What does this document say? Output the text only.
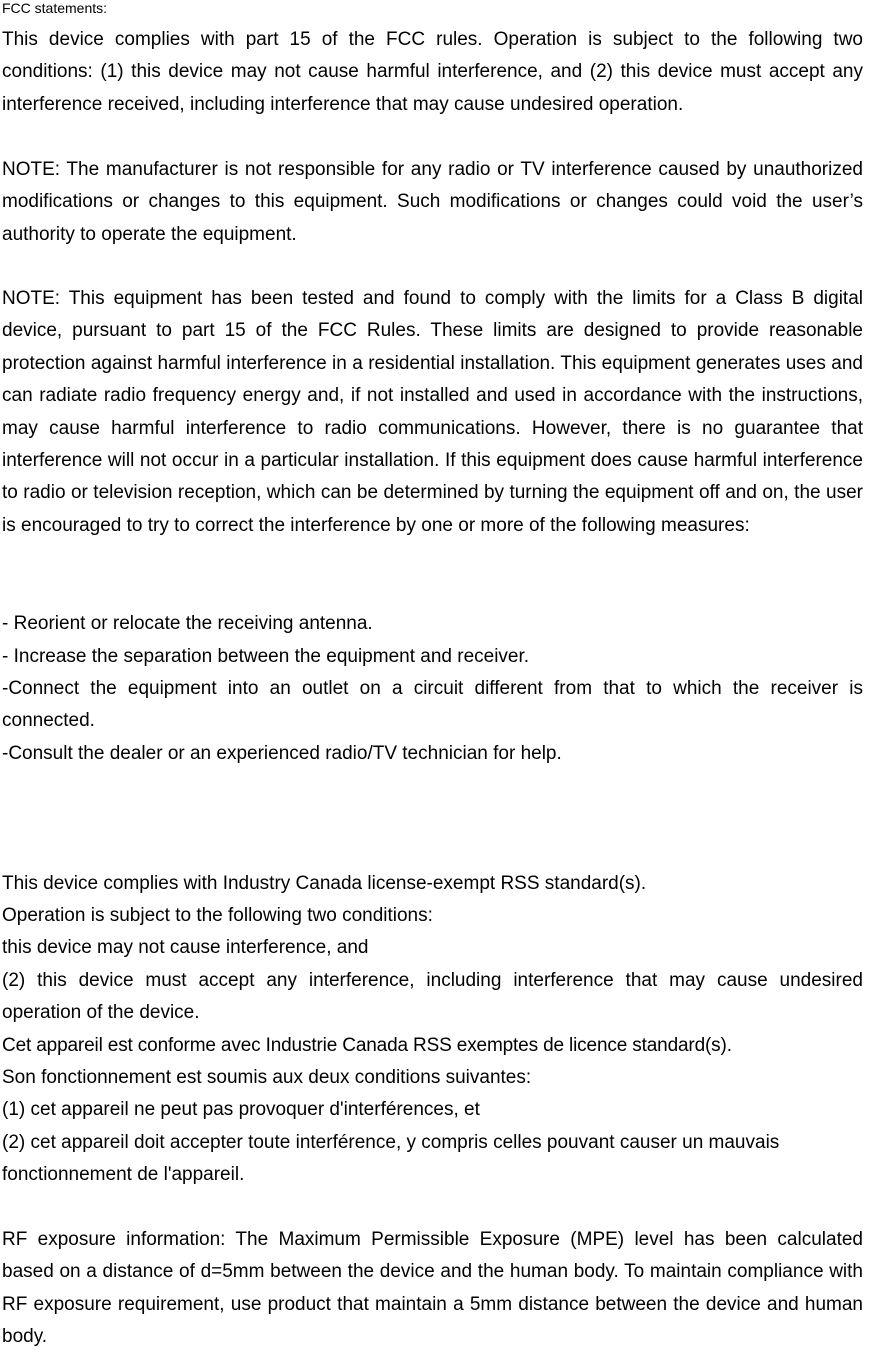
FCC statements:

This device complies with part 15 of the FCC rules. Operation is subject to the following two conditions: (1) this device may not cause harmful interference, and (2) this device must accept any interference received, including interference that may cause undesired operation.

NOTE: The manufacturer is not responsible for any radio or TV interference caused by unauthorized modifications or changes to this equipment. Such modifications or changes could void the user’s authority to operate the equipment.

NOTE: This equipment has been tested and found to comply with the limits for a Class B digital device, pursuant to part 15 of the FCC Rules. These limits are designed to provide reasonable protection against harmful interference in a residential installation. This equipment generates uses and can radiate radio frequency energy and, if not installed and used in accordance with the instructions, may cause harmful interference to radio communications. However, there is no guarantee that interference will not occur in a particular installation. If this equipment does cause harmful interference to radio or television reception, which can be determined by turning the equipment off and on, the user is encouraged to try to correct the interference by one or more of the following measures:

- Reorient or relocate the receiving antenna.

- Increase the separation between the equipment and receiver.

-Connect the equipment into an outlet on a circuit different from that to which the receiver is connected.

-Consult the dealer or an experienced radio/TV technician for help.

This device complies with Industry Canada license-exempt RSS standard(s).

Operation is subject to the following two conditions:

this device may not cause interference, and

(2) this device must accept any interference, including interference that may cause undesired operation of the device.

Cet appareil est conforme avec Industrie Canada RSS exemptes de licence standard(s).

Son fonctionnement est soumis aux deux conditions suivantes:

(1) cet appareil ne peut pas provoquer d'interférences, et

(2) cet appareil doit accepter toute interférence, y compris celles pouvant causer un mauvais fonctionnement de l'appareil.

RF exposure information: The Maximum Permissible Exposure (MPE) level has been calculated based on a distance of d=5mm between the device and the human body. To maintain compliance with RF exposure requirement, use product that maintain a 5mm distance between the device and human body.
